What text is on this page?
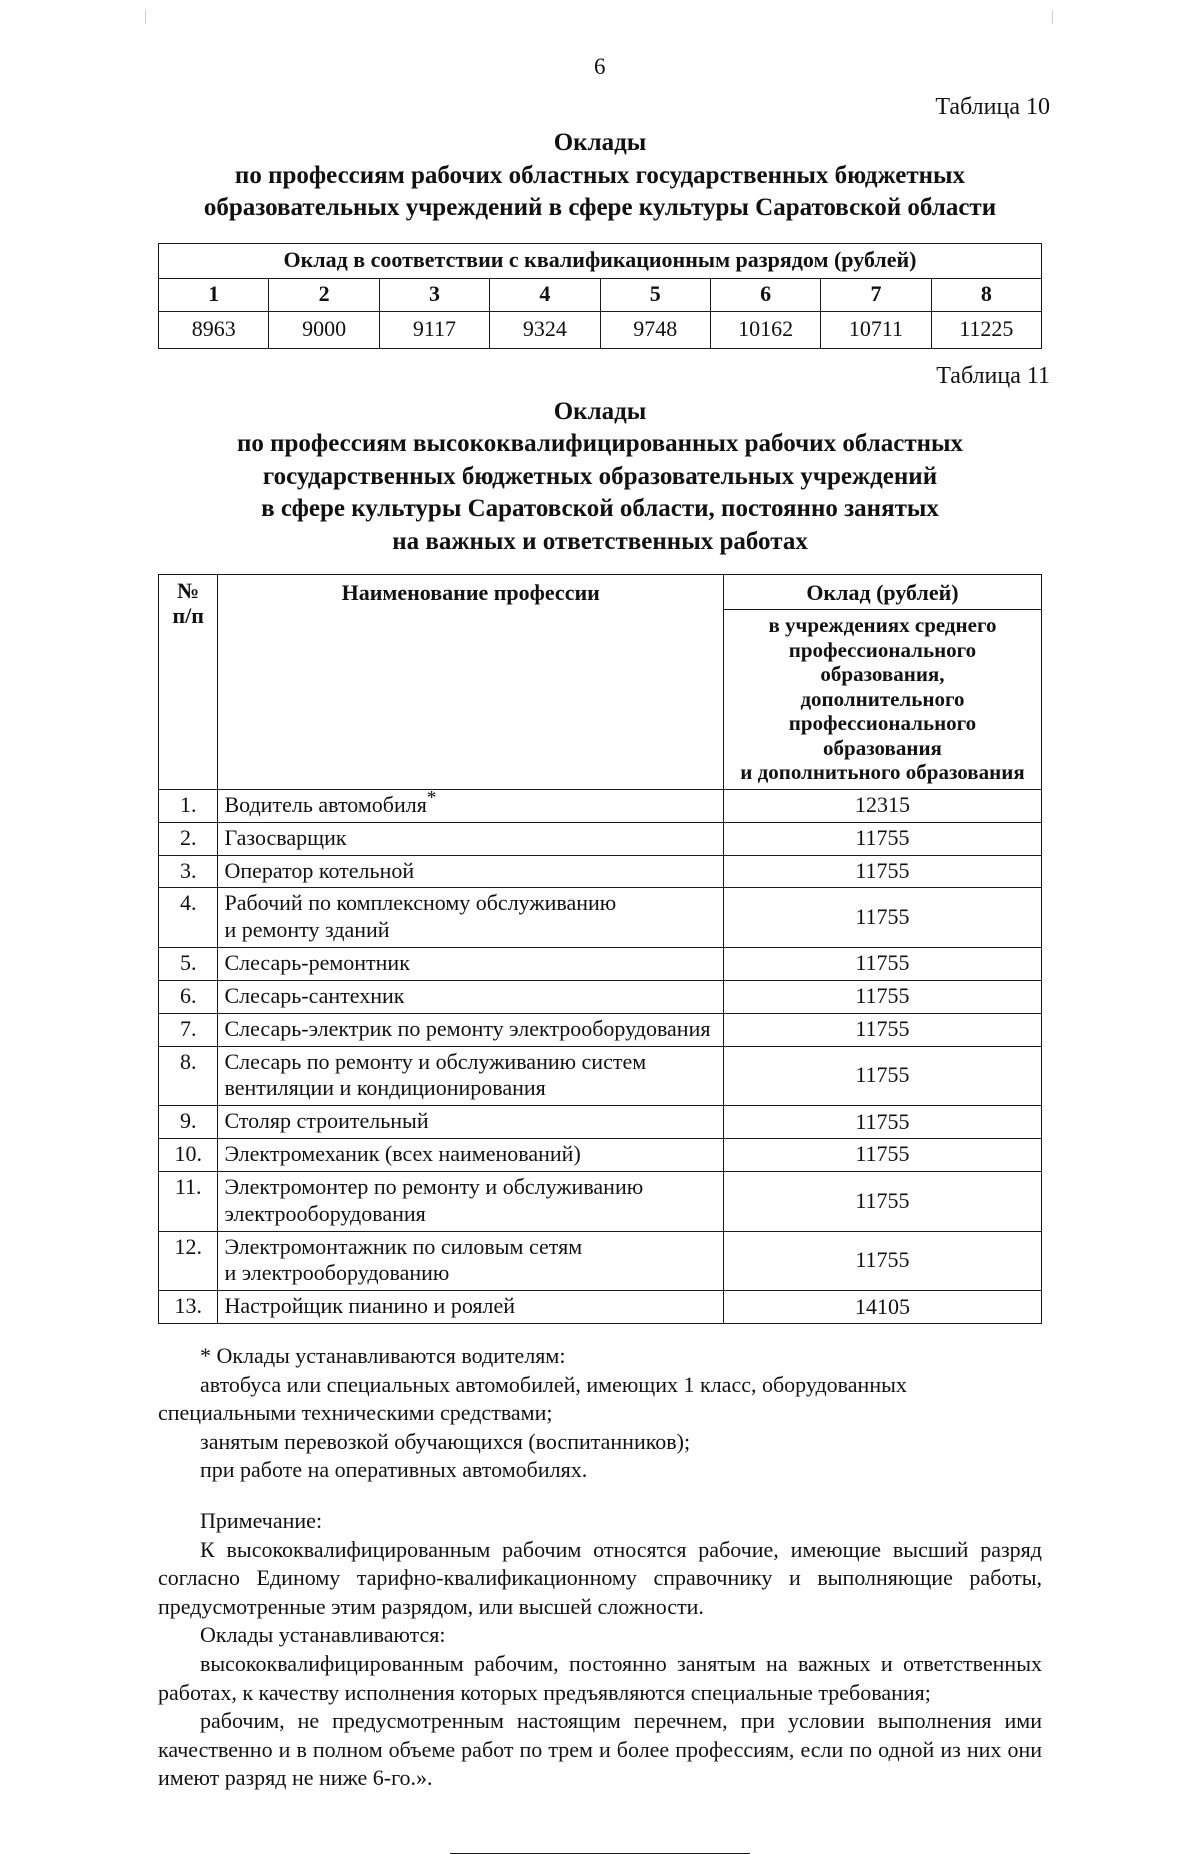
6
Таблица 10
Оклады
по профессиям рабочих областных государственных бюджетных
образовательных учреждений в сфере культуры Саратовской области
Оклад в соответствии с квалификационным разрядом (рублей)							
1	2	3	4	5	6	7	8
8963	9000	9117	9324	9748	10162	10711	11225
Таблица 11
Оклады
по профессиям высококвалифицированных рабочих областных
государственных бюджетных образовательных учреждений
в сфере культуры Саратовской области, постоянно занятых
на важных и ответственных работах
№
п/п	Наименование профессии	Оклад (рублей)
в учреждениях среднего
профессионального образования,
дополнительного
профессионального образования
и дополнитьного образования

1.	Водитель автомобиля*	12315
2.	Газосварщик	11755
3.	Оператор котельной	11755
4.	Рабочий по комплексному обслуживанию
и ремонту зданий	11755
5.	Слесарь-ремонтник	11755
6.	Слесарь-сантехник	11755
7.	Слесарь-электрик по ремонту электрооборудования	11755
8.	Слесарь по ремонту и обслуживанию систем
вентиляции и кондиционирования	11755
9.	Столяр строительный	11755
10.	Электромеханик (всех наименований)	11755
11.	Электромонтер по ремонту и обслуживанию
электрооборудования	11755
12.	Электромонтажник по силовым сетям
и электрооборудованию	11755
13.	Настройщик пианино и роялей	14105

* Оклады устанавливаются водителям:

автобуса или специальных автомобилей, имеющих 1 класс, оборудованных специальными техническими средствами;

занятым перевозкой обучающихся (воспитанников);

при работе на оперативных автомобилях.

Примечание:

К высококвалифицированным рабочим относятся рабочие, имеющие высший разряд согласно Единому тарифно-квалификационному справочнику и выполняющие работы, предусмотренные этим разрядом, или высшей сложности.

Оклады устанавливаются:

высококвалифицированным рабочим, постоянно занятым на важных и ответственных работах, к качеству исполнения которых предъявляются специальные требования;

рабочим, не предусмотренным настоящим перечнем, при условии выполнения ими качественно и в полном объеме работ по трем и более профессиям, если по одной из них они имеют разряд не ниже 6-го.».
